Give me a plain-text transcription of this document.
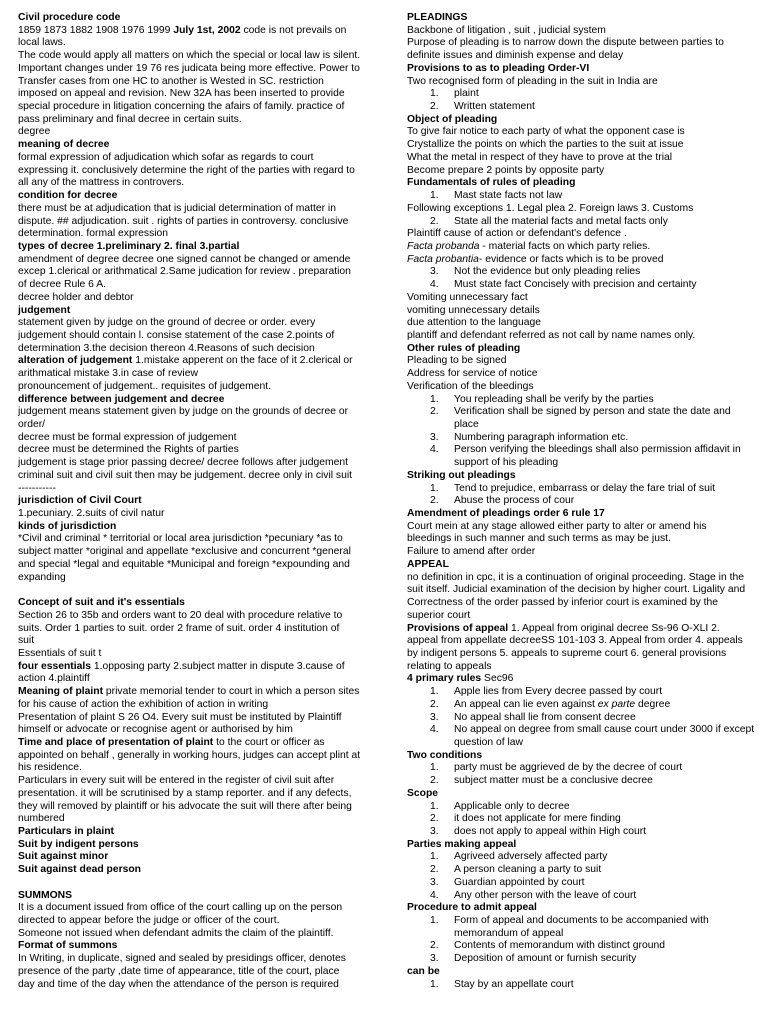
Civil procedure code
1859 1873 1882 1908 1976 1999 July 1st, 2002 code is not prevails on
local laws.
The code would apply all matters on which the special or local law is silent.
Important changes under 19 76 res judicata being more effective. Power to
Transfer cases from one HC to another is Wested in SC. restriction
imposed on appeal and revision. New 32A has been inserted to provide
special procedure in litigation concerning the afairs of family. practice of
pass preliminary and final decree in certain suits.
degree
meaning of decree
formal expression of adjudication which sofar as regards to court
expressing it. conclusively determine the right of the parties with regard to
all any of the mattress in controvers.
condition for decree
there must be at adjudication that is judicial determination of matter in
dispute. ## adjudication. suit . rights of parties in controversy. conclusive
determination. formal expression
types of decree 1.preliminary 2. final 3.partial
amendment of degree decree one signed cannot be changed or amende
excep 1.clerical or arithmatical 2.Same judication for review . preparation
of decree Rule 6 A.
decree holder and debtor
judgement
statement given by judge on the ground of decree or order. every
judgement should contain l. consise statement of the case 2.points of
determination 3.the decision thereon 4.Reasons of such decision
alteration of judgement 1.mistake apperent on the face of it 2.clerical or
arithmatical mistake 3.in case of review
pronouncement of judgement.. requisites of judgement.
difference between judgement and decree
judgement means statement given by judge on the grounds of decree or
order/
decree must be formal expression of judgement
decree must be determined the Rights of parties
judgement is stage prior passing decree/ decree follows after judgement
criminal suit and civil suit then may be judgement. decree only in civil suit
-----------
jurisdiction of Civil Court
1.pecuniary. 2.suits of civil natur
kinds of jurisdiction
*Civil and criminal * territorial or local area jurisdiction *pecuniary *as to
subject matter *original and appellate *exclusive and concurrent *general
and special *legal and equitable *Municipal and foreign *expounding and
expanding
Concept of suit and it's essentials
Section 26 to 35b and orders want to 20 deal with procedure relative to
suits. Order 1 parties to suit. order 2 frame of suit. order 4 institution of
suit
Essentials of suit t
four essentials 1.opposing party 2.subject matter in dispute 3.cause of
action 4.plaintiff
Meaning of plaint private memorial tender to court in which a person sites
for his cause of action the exhibition of action in writing
Presentation of plaint S 26 O4. Every suit must be instituted by Plaintiff
himself or advocate or recognise agent or authorised by him
Time and place of presentation of plaint to the court or officer as
appointed on behalf , generally in working hours, judges can accept plint at
his residence.
Particulars in every suit will be entered in the register of civil suit after
presentation. it will be scrutinised by a stamp reporter. and if any defects,
they will removed by plaintiff or his advocate the suit will there after being
numbered
Particulars in plaint
Suit by indigent persons
Suit against minor
Suit against dead person
SUMMONS
It is a document issued from office of the court calling up on the person
directed to appear before the judge or officer of the court.
Someone not issued when defendant admits the claim of the plaintiff.
Format of summons
In Writing, in duplicate, signed and sealed by presidings officer, denotes
presence of the party ,date time of appearance, title of the court, place
day and time of the day when the attendance of the person is required
PLEADINGS
Backbone of litigation , suit , judicial system
Purpose of pleading is to narrow down the dispute between parties to
definite issues and diminish expense and delay
Provisions to as to pleading Order-VI
Two recognised form of pleading in the suit in India are
1. plaint
2. Written statement
Object of pleading
To give fair notice to each party of what the opponent case is
Crystallize the points on which the parties to the suit at issue
What the metal in respect of they have to prove at the trial
Become prepare 2 points by opposite party
Fundamentals of rules of pleading
1. Mast state facts not law
Following exceptions 1. Legal plea 2. Foreign laws 3. Customs
2. State all the material facts and metal facts only
Plaintiff cause of action or defendant's defence .
Facta probanda - material facts on which party relies.
Facta probantia- evidence or facts which is to be proved
3. Not the evidence but only pleading relies
4. Must state fact Concisely with precision and certainty
Vomiting unnecessary fact
vomiting unnecessary details
due attention to the language
plantiff and defendant referred as not call by name names only.
Other rules of pleading
Pleading to be signed
Address for service of notice
Verification of the bleedings
1. You repleading shall be verify by the parties
2. Verification shall be signed by person and state the date and place
3. Numbering paragraph information etc.
4. Person verifying the bleedings shall also permission affidavit in support of his pleading
Striking out pleadings
1. Tend to prejudice, embarrass or delay the fare trial of suit
2. Abuse the process of cour
Amendment of pleadings order 6 rule 17
Court mein at any stage allowed either party to alter or amend his
bleedings in such manner and such terms as may be just.
Failure to amend after order
APPEAL
no definition in cpc, it is a continuation of original proceeding. Stage in the
suit itself. Judicial examination of the decision by higher court. Ligality and
Correctness of the order passed by inferior court is examined by the
superior court
Provisions of appeal 1. Appeal from original decree Ss-96 O-XLI 2.
appeal from appellate decreeSS 101-103 3. Appeal from order 4. appeals
by indigent persons 5. appeals to supreme court 6. general provisions
relating to appeals
4 primary rules Sec96
1. Apple lies from Every decree passed by court
2. An appeal can lie even against ex parte degree
3. No appeal shall lie from consent decree
4. No appeal on degree from small cause court under 3000 if except question of law
Two conditions
1. party must be aggrieved de by the decree of court
2. subject matter must be a conclusive decree
Scope
1. Applicable only to decree
2. it does not applicate for mere finding
3. does not apply to appeal within High court
Parties making appeal
1. Agriveed adversely affected party
2. A person cleaning a party to suit
3. Guardian appointed by court
4. Any other person with the leave of court
Procedure to admit appeal
1. Form of appeal and documents to be accompanied with memorandum of appeal
2. Contents of memorandum with distinct ground
3. Deposition of amount or furnish security
can be
1. Stay by an appellate court
